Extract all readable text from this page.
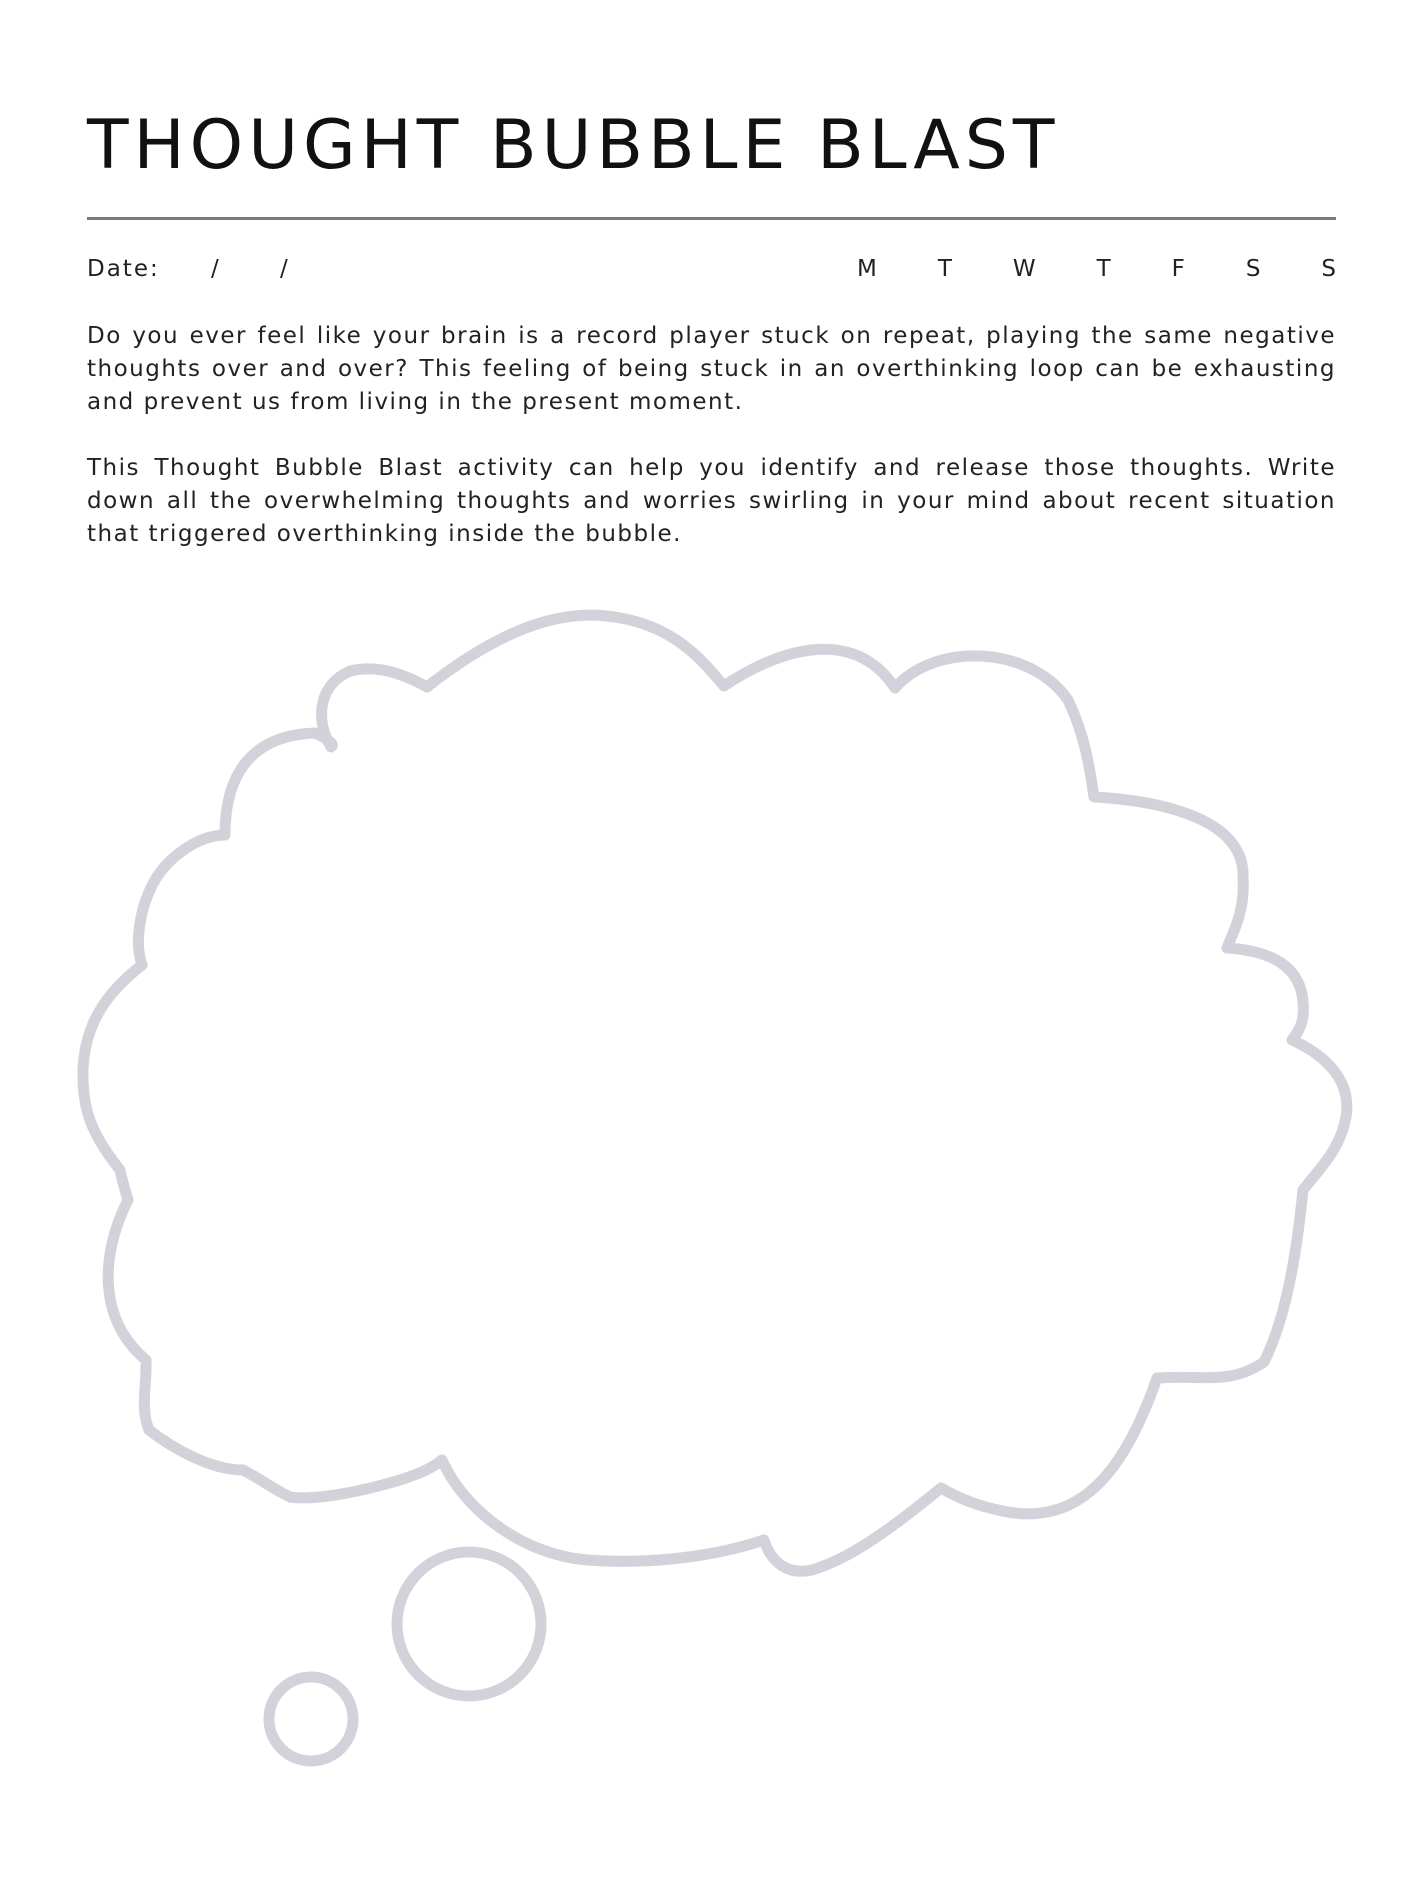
THOUGHT BUBBLE BLAST
Date: /	/	M	T	W	T	F	S	S

Do you ever feel like your brain is a record player stuck on repeat, playing the same negative thoughts over and over? This feeling of being stuck in an overthinking loop can be exhausting and prevent us from living in the present moment.

This Thought Bubble Blast activity can help you identify and release those thoughts. Write down all the overwhelming thoughts and worries swirling in your mind about recent situation that triggered overthinking inside the bubble.
